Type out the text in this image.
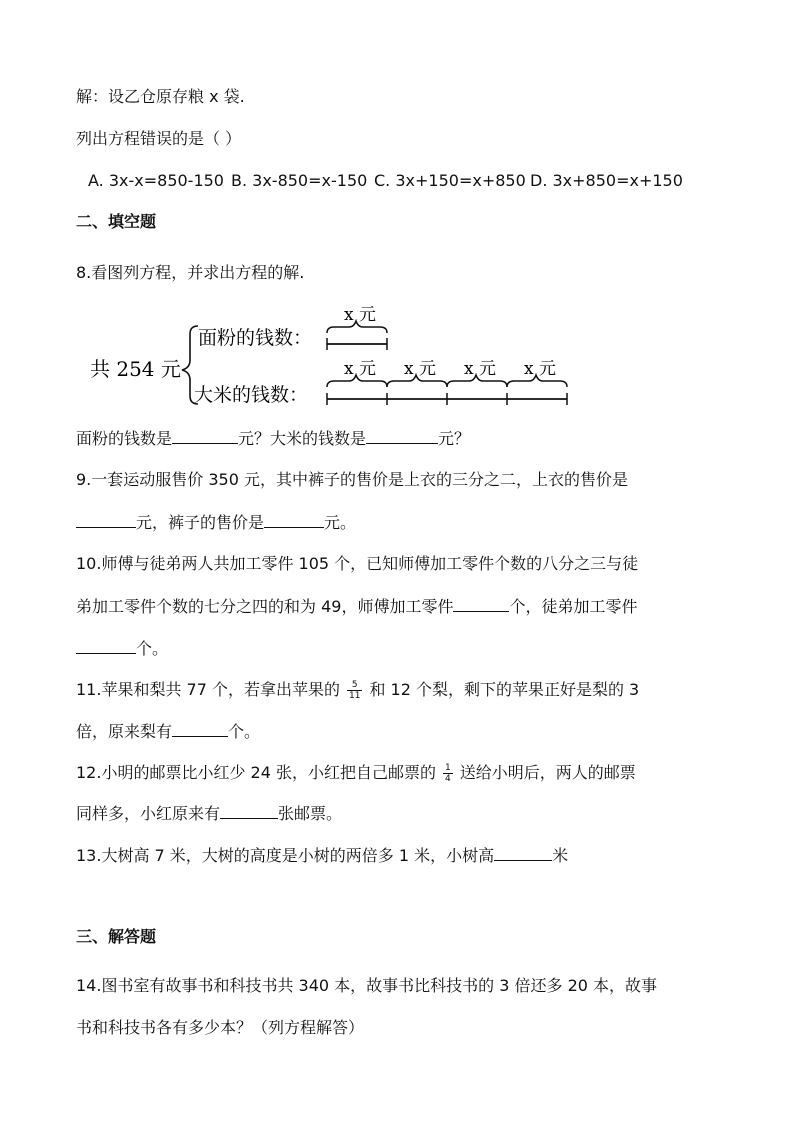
解：设乙仓原存粮 x 袋.
列出方程错误的是（ ）
A. 3x-x=850-150 B. 3x-850=x-150 C. 3x+150=x+850 D. 3x+850=x+150
二、填空题
8.看图列方程，并求出方程的解.
共 254 元
面粉的钱数：
x 元
大米的钱数：
x 元 x 元 x 元 x 元
面粉的钱数是	元？大米的钱数是	元？
9.一套运动服售价 350 元，其中裤子的售价是上衣的三分之二，上衣的售价是
元，裤子的售价是	元。
10.师傅与徒弟两人共加工零件 105 个，已知师傅加工零件个数的八分之三与徒
弟加工零件个数的七分之四的和为 49，师傅加工零件	个，徒弟加工零件
个。
11.苹果和梨共 77 个，若拿出苹果的 $\frac{5}{11}$ 和 12 个梨，剩下的苹果正好是梨的 3
倍，原来梨有	个。
12.小明的邮票比小红少 24 张，小红把自己邮票的 $\frac{1}{4}$ 送给小明后，两人的邮票
同样多，小红原来有	张邮票。
13.大树高 7 米，大树的高度是小树的两倍多 1 米，小树高	米
三、解答题
14.图书室有故事书和科技书共 340 本，故事书比科技书的 3 倍还多 20 本，故事
书和科技书各有多少本？（列方程解答）
